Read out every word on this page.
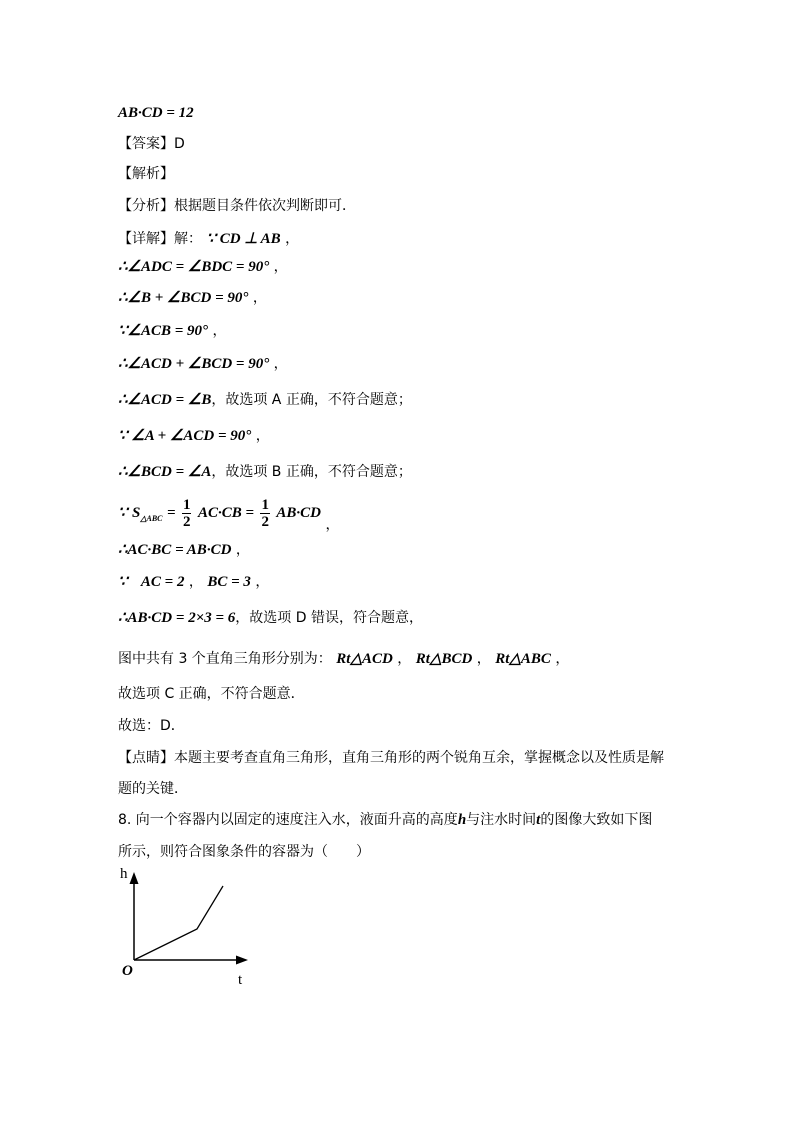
AB·CD = 12
【答案】D
【解析】
【分析】根据题目条件依次判断即可．
【详解】解： ∵ CD ⊥ AB ，
∴∠ADC = ∠BDC = 90° ，
∴∠B + ∠BCD = 90° ，
∵∠ACB = 90° ，
∴∠ACD + ∠BCD = 90° ，
∴∠ACD = ∠B，故选项 A 正确，不符合题意；
∵ ∠A + ∠ACD = 90° ，
∴∠BCD = ∠A，故选项 B 正确，不符合题意；
∵ $S_{\triangle ABC} = \frac{1}{2} AC\cdot CB = \frac{1}{2} AB\cdot CD$ ，
∴AC·BC = AB·CD ，
∵ AC = 2 ， BC = 3 ，
∴AB·CD = 2×3 = 6，故选项 D 错误，符合题意，
图中共有 3 个直角三角形分别为： Rt△ACD ， Rt△BCD ， Rt△ABC ，
故选项 C 正确，不符合题意．
故选：D．
【点睛】本题主要考查直角三角形，直角三角形的两个锐角互余，掌握概念以及性质是解
题的关键．
8. 向一个容器内以固定的速度注入水，液面升高的高度h与注水时间t的图像大致如下图
所示，则符合图象条件的容器为（　　）
h
t
O
